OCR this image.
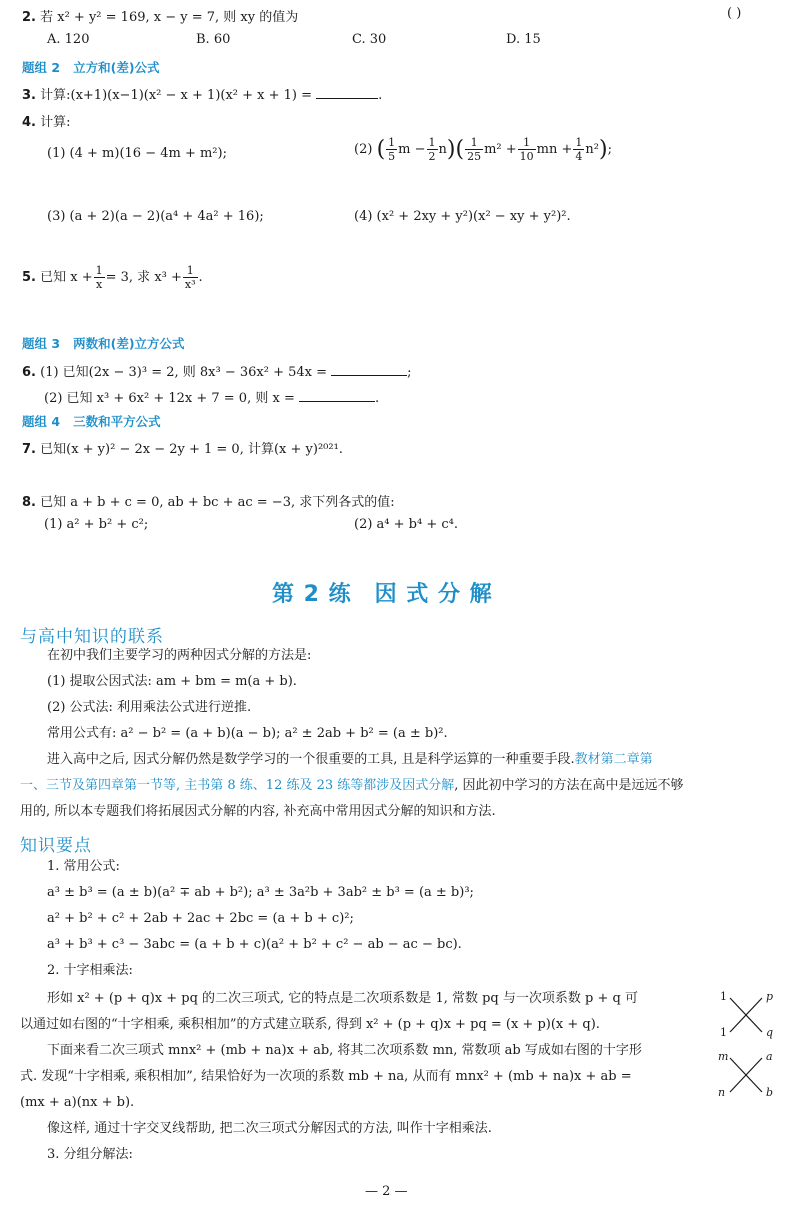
2. 若 x² + y² = 169, x − y = 7, 则 xy 的值为	( )
A. 120	B. 60	C. 30	D. 15
题组 2 立方和(差)公式
3. 计算:(x+1)(x−1)(x² − x + 1)(x² + x + 1) =	.
4. 计算:
(1) (4 + m)(16 − 4m + m²);	(2) ( $\frac{1}{5}$ $m - \frac{1}{2} n)( \frac{1}{25} m^2 + \frac{1}{10}$ mn + $\frac{1}{4} n^2$);
(3) (a + 2)(a − 2)(a⁴ + 4a² + 16);	(4) (x² + 2xy + y²)(x² − xy + y²)².
5. 已知 $x + \frac{1}{x} = 3$, 求 $x^3 + \frac{1}{\text{x³}}$ .
题组 3 两数和(差)立方公式
6. (1) 已知(2x − 3)³ = 2, 则 8x³ − 36x² + 54x =	;
(2) 已知 x³ + 6x² + 12x + 7 = 0, 则 x =	.
题组 4 三数和平方公式
7. 已知(x + y)² − 2x − 2y + 1 = 0, 计算(x + y)²⁰²¹.
8. 已知 a + b + c = 0, ab + bc + ac = −3, 求下列各式的值:
(1) a² + b² + c²;	(2) a⁴ + b⁴ + c⁴.
第 2 练　因 式 分 解
与高中知识的联系
在初中我们主要学习的两种因式分解的方法是:
(1) 提取公因式法: am + bm = m(a + b).
(2) 公式法: 利用乘法公式进行逆推.
常用公式有: a² − b² = (a + b)(a − b); a² ± 2ab + b² = (a ± b)².
进入高中之后, 因式分解仍然是数学学习的一个很重要的工具, 且是科学运算的一种重要手段.教材第二章第
一、三节及第四章第一节等, 主书第 8 练、12 练及 23 练等都涉及因式分解, 因此初中学习的方法在高中是远远不够
用的, 所以本专题我们将拓展因式分解的内容, 补充高中常用因式分解的知识和方法.
知识要点
1. 常用公式:
a³ ± b³ = (a ± b)(a² ∓ ab + b²); a³ ± 3a²b + 3ab² ± b³ = (a ± b)³;
a² + b² + c² + 2ab + 2ac + 2bc = (a + b + c)²;
a³ + b³ + c³ − 3abc = (a + b + c)(a² + b² + c² − ab − ac − bc).
2. 十字相乘法:
形如 x² + (p + q)x + pq 的二次三项式, 它的特点是二次项系数是 1, 常数 pq 与一次项系数 p + q 可
以通过如右图的“十字相乘, 乘积相加”的方式建立联系, 得到 x² + (p + q)x + pq = (x + p)(x + q).
下面来看二次三项式 mnx² + (mb + na)x + ab, 将其二次项系数 mn, 常数项 ab 写成如右图的十字形
式. 发现“十字相乘, 乘积相加”, 结果恰好为一次项的系数 mb + na, 从而有 mnx² + (mb + na)x + ab =
(mx + a)(nx + b).
像这样, 通过十字交叉线帮助, 把二次三项式分解因式的方法, 叫作十字相乘法.
3. 分组分解法:
1	p
1	q
m	a
n	b
— 2 —
